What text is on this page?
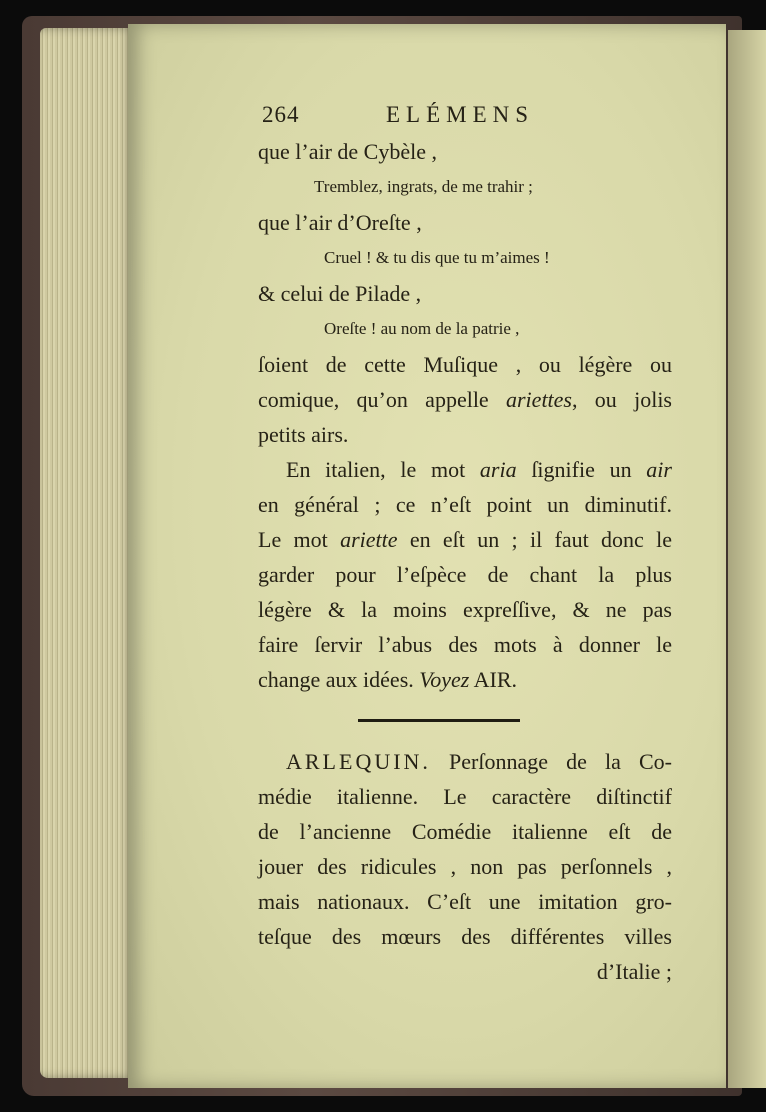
264	ELÉMENS
que l’air de Cybèle ,
Tremblez, ingrats, de me trahir ;
que l’air d’Oreſte ,
Cruel ! & tu dis que tu m’aimes !
& celui de Pilade ,
Oreſte ! au nom de la patrie ,
ſoient de cette Muſique , ou légère ou
comique, qu’on appelle ariettes, ou jolis
petits airs.
En italien, le mot aria ſignifie un air
en général ; ce n’eſt point un diminutif.
Le mot ariette en eſt un ; il faut donc le
garder pour l’eſpèce de chant la plus
légère & la moins expreſſive, & ne pas
faire ſervir l’abus des mots à donner le
change aux idées. Voyez AIR.
ARLEQUIN. Perſonnage de la Co-
médie italienne. Le caractère diſtinctif
de l’ancienne Comédie italienne eſt de
jouer des ridicules , non pas perſonnels ,
mais nationaux. C’eſt une imitation gro-
teſque des mœurs des différentes villes
d’Italie ;
